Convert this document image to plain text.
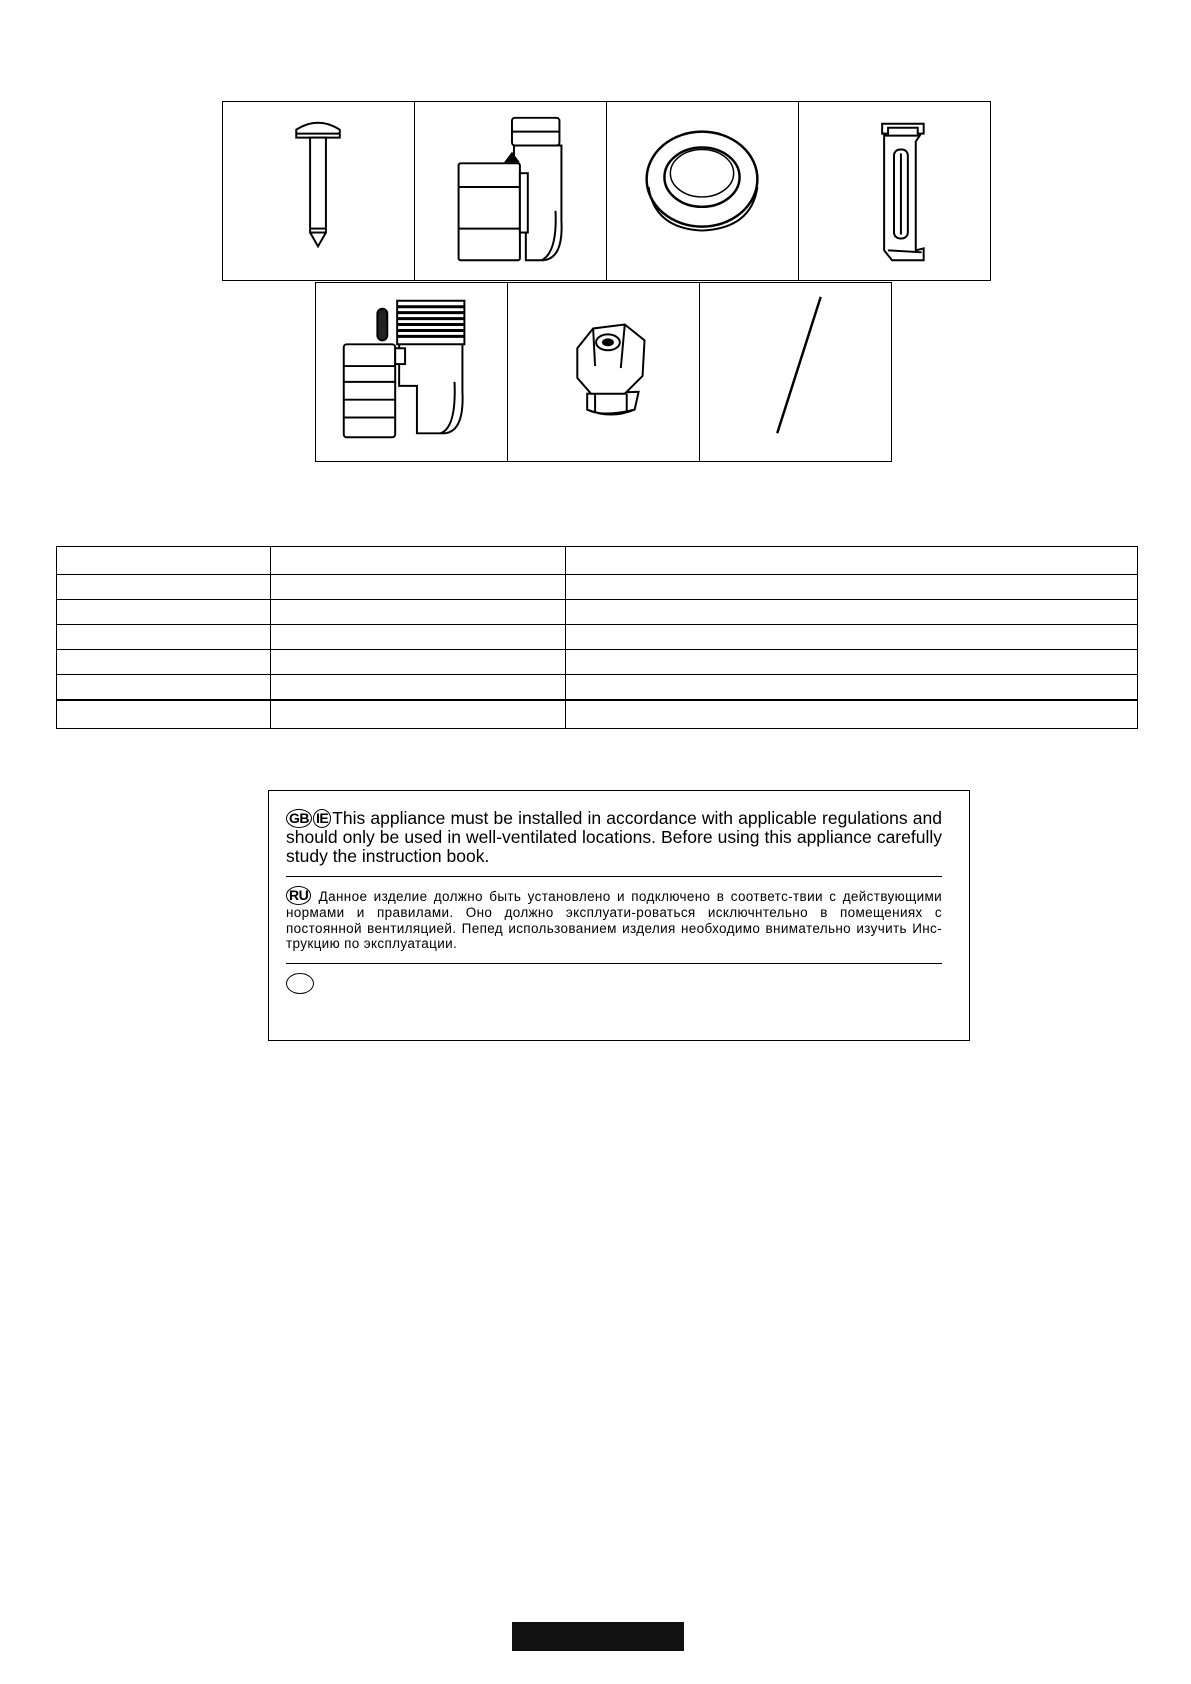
GB IE This appliance must be installed in accordance with applicable regulations and should only be used in well-ventilated locations. Before using this appliance carefully study the instruction book.

RU Данное изделие должно быть установлено и подключено в соответс-твии с действующими нормами и правилами. Оно должно эксплуати-роваться исключнтельно в помещениях с постоянной вентиляцией. Пепед использованием изделия необходимо внимательно изучить Инс-трукцию по эксплуатации.
